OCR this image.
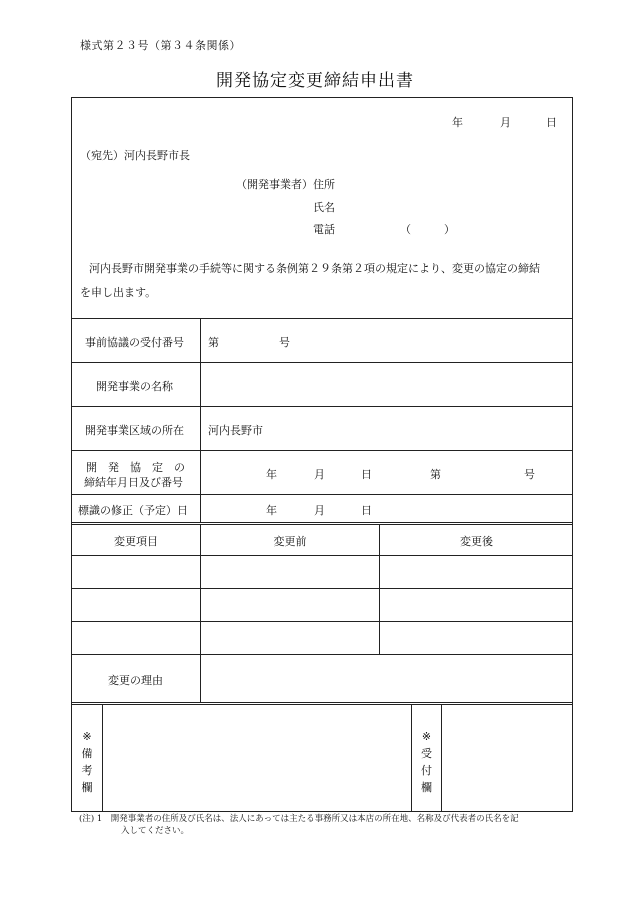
様式第２３号（第３４条関係）
開発協定変更締結申出書
年	月	日
（宛先）河内長野市長
（開発事業者） 住所
氏名
電話	（　　　）
河内長野市開発事業の手続等に関する条例第２９条第２項の規定により、変更の協定の締結
を申し出ます。
事前協議の受付番号 第	号
開発事業の名称
開発事業区域の所在 河内長野市
開　発　協　定　の
締結年月日及び番号
年	月	日	第	号
標識の修正（予定）日	年	月	日
変更項目	変更前	変更後
変更の理由
※
備
考
欄
※
受
付
欄
(注) 1　開発事業者の住所及び氏名は、法人にあっては主たる事務所又は本店の所在地、名称及び代表者の氏名を記
入してください。
